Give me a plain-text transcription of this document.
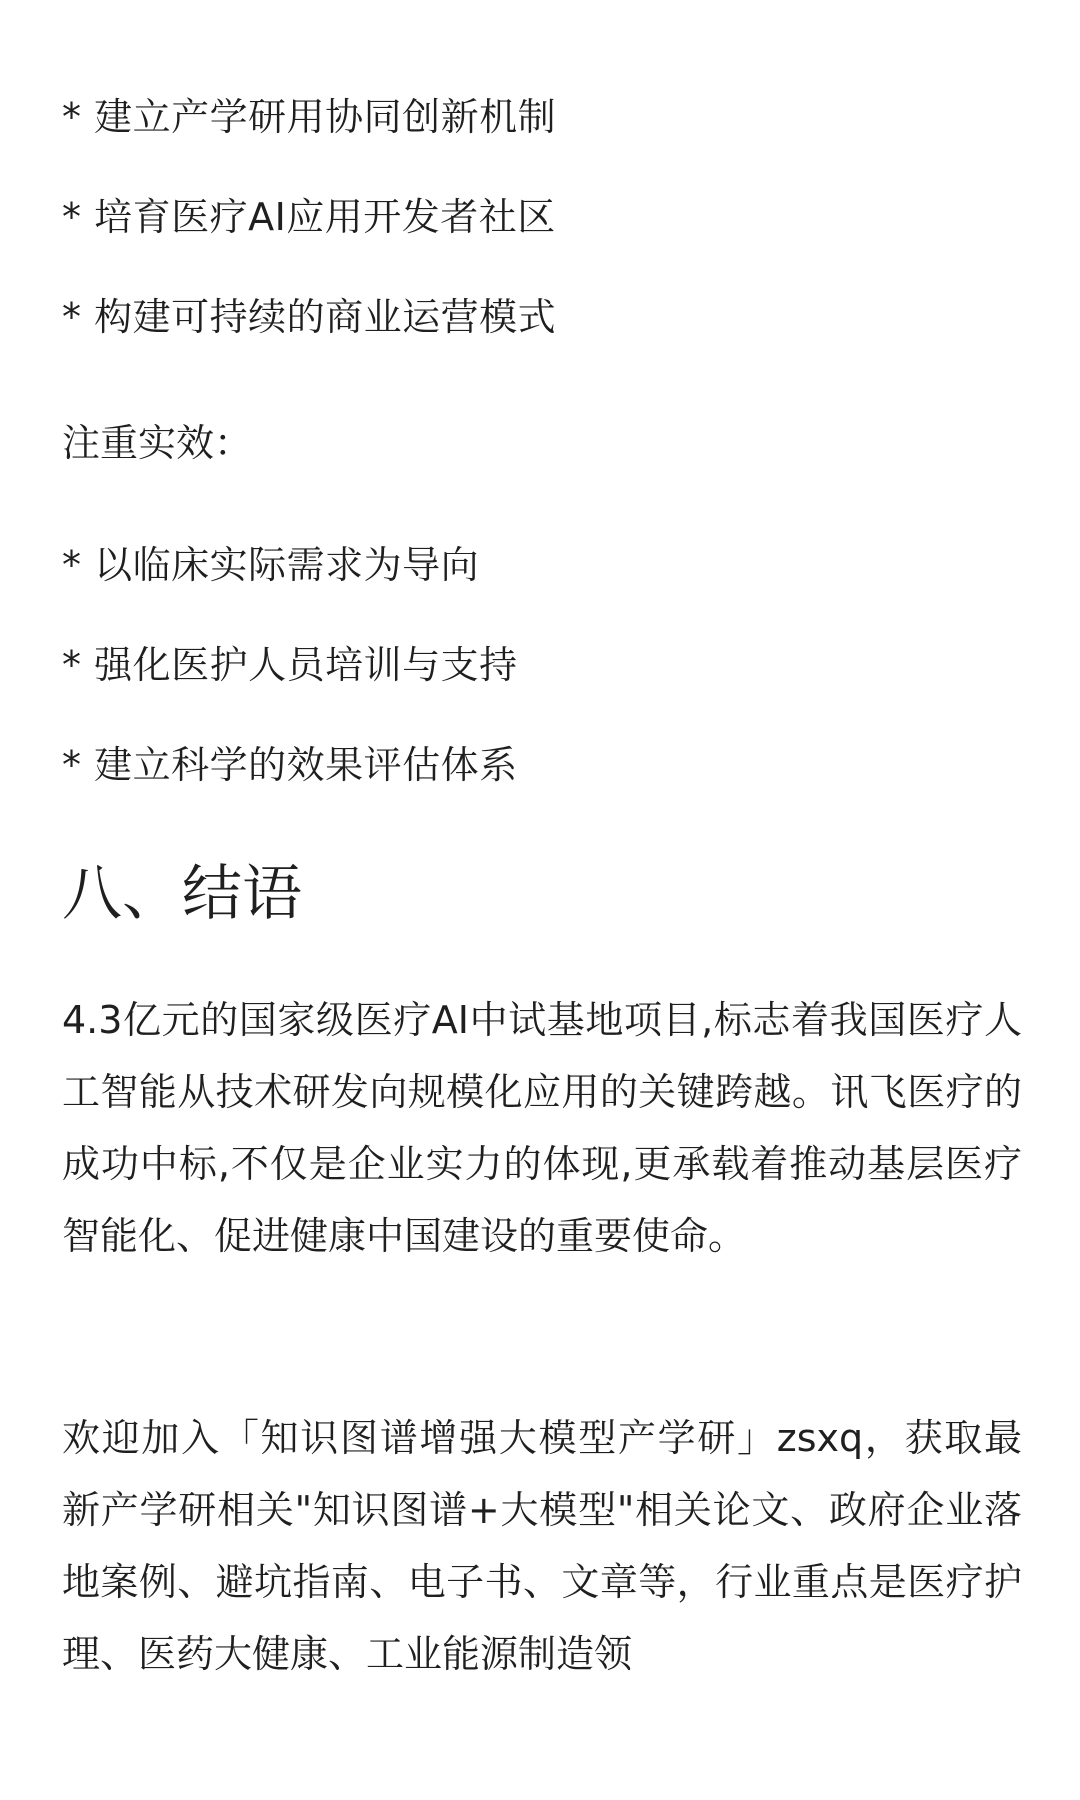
* 建立产学研用协同创新机制
* 培育医疗AI应用开发者社区
* 构建可持续的商业运营模式
注重实效：
* 以临床实际需求为导向
* 强化医护人员培训与支持
* 建立科学的效果评估体系
八、结语

4.3亿元的国家级医疗AI中试基地项目,标志着我国医疗人工智能从技术研发向规模化应用的关键跨越。讯飞医疗的成功中标,不仅是企业实力的体现,更承载着推动基层医疗智能化、促进健康中国建设的重要使命。

欢迎加入「知识图谱增强大模型产学研」zsxq，获取最新产学研相关"知识图谱+大模型"相关论文、政府企业落地案例、避坑指南、电子书、文章等，行业重点是医疗护理、医药大健康、工业能源制造领
